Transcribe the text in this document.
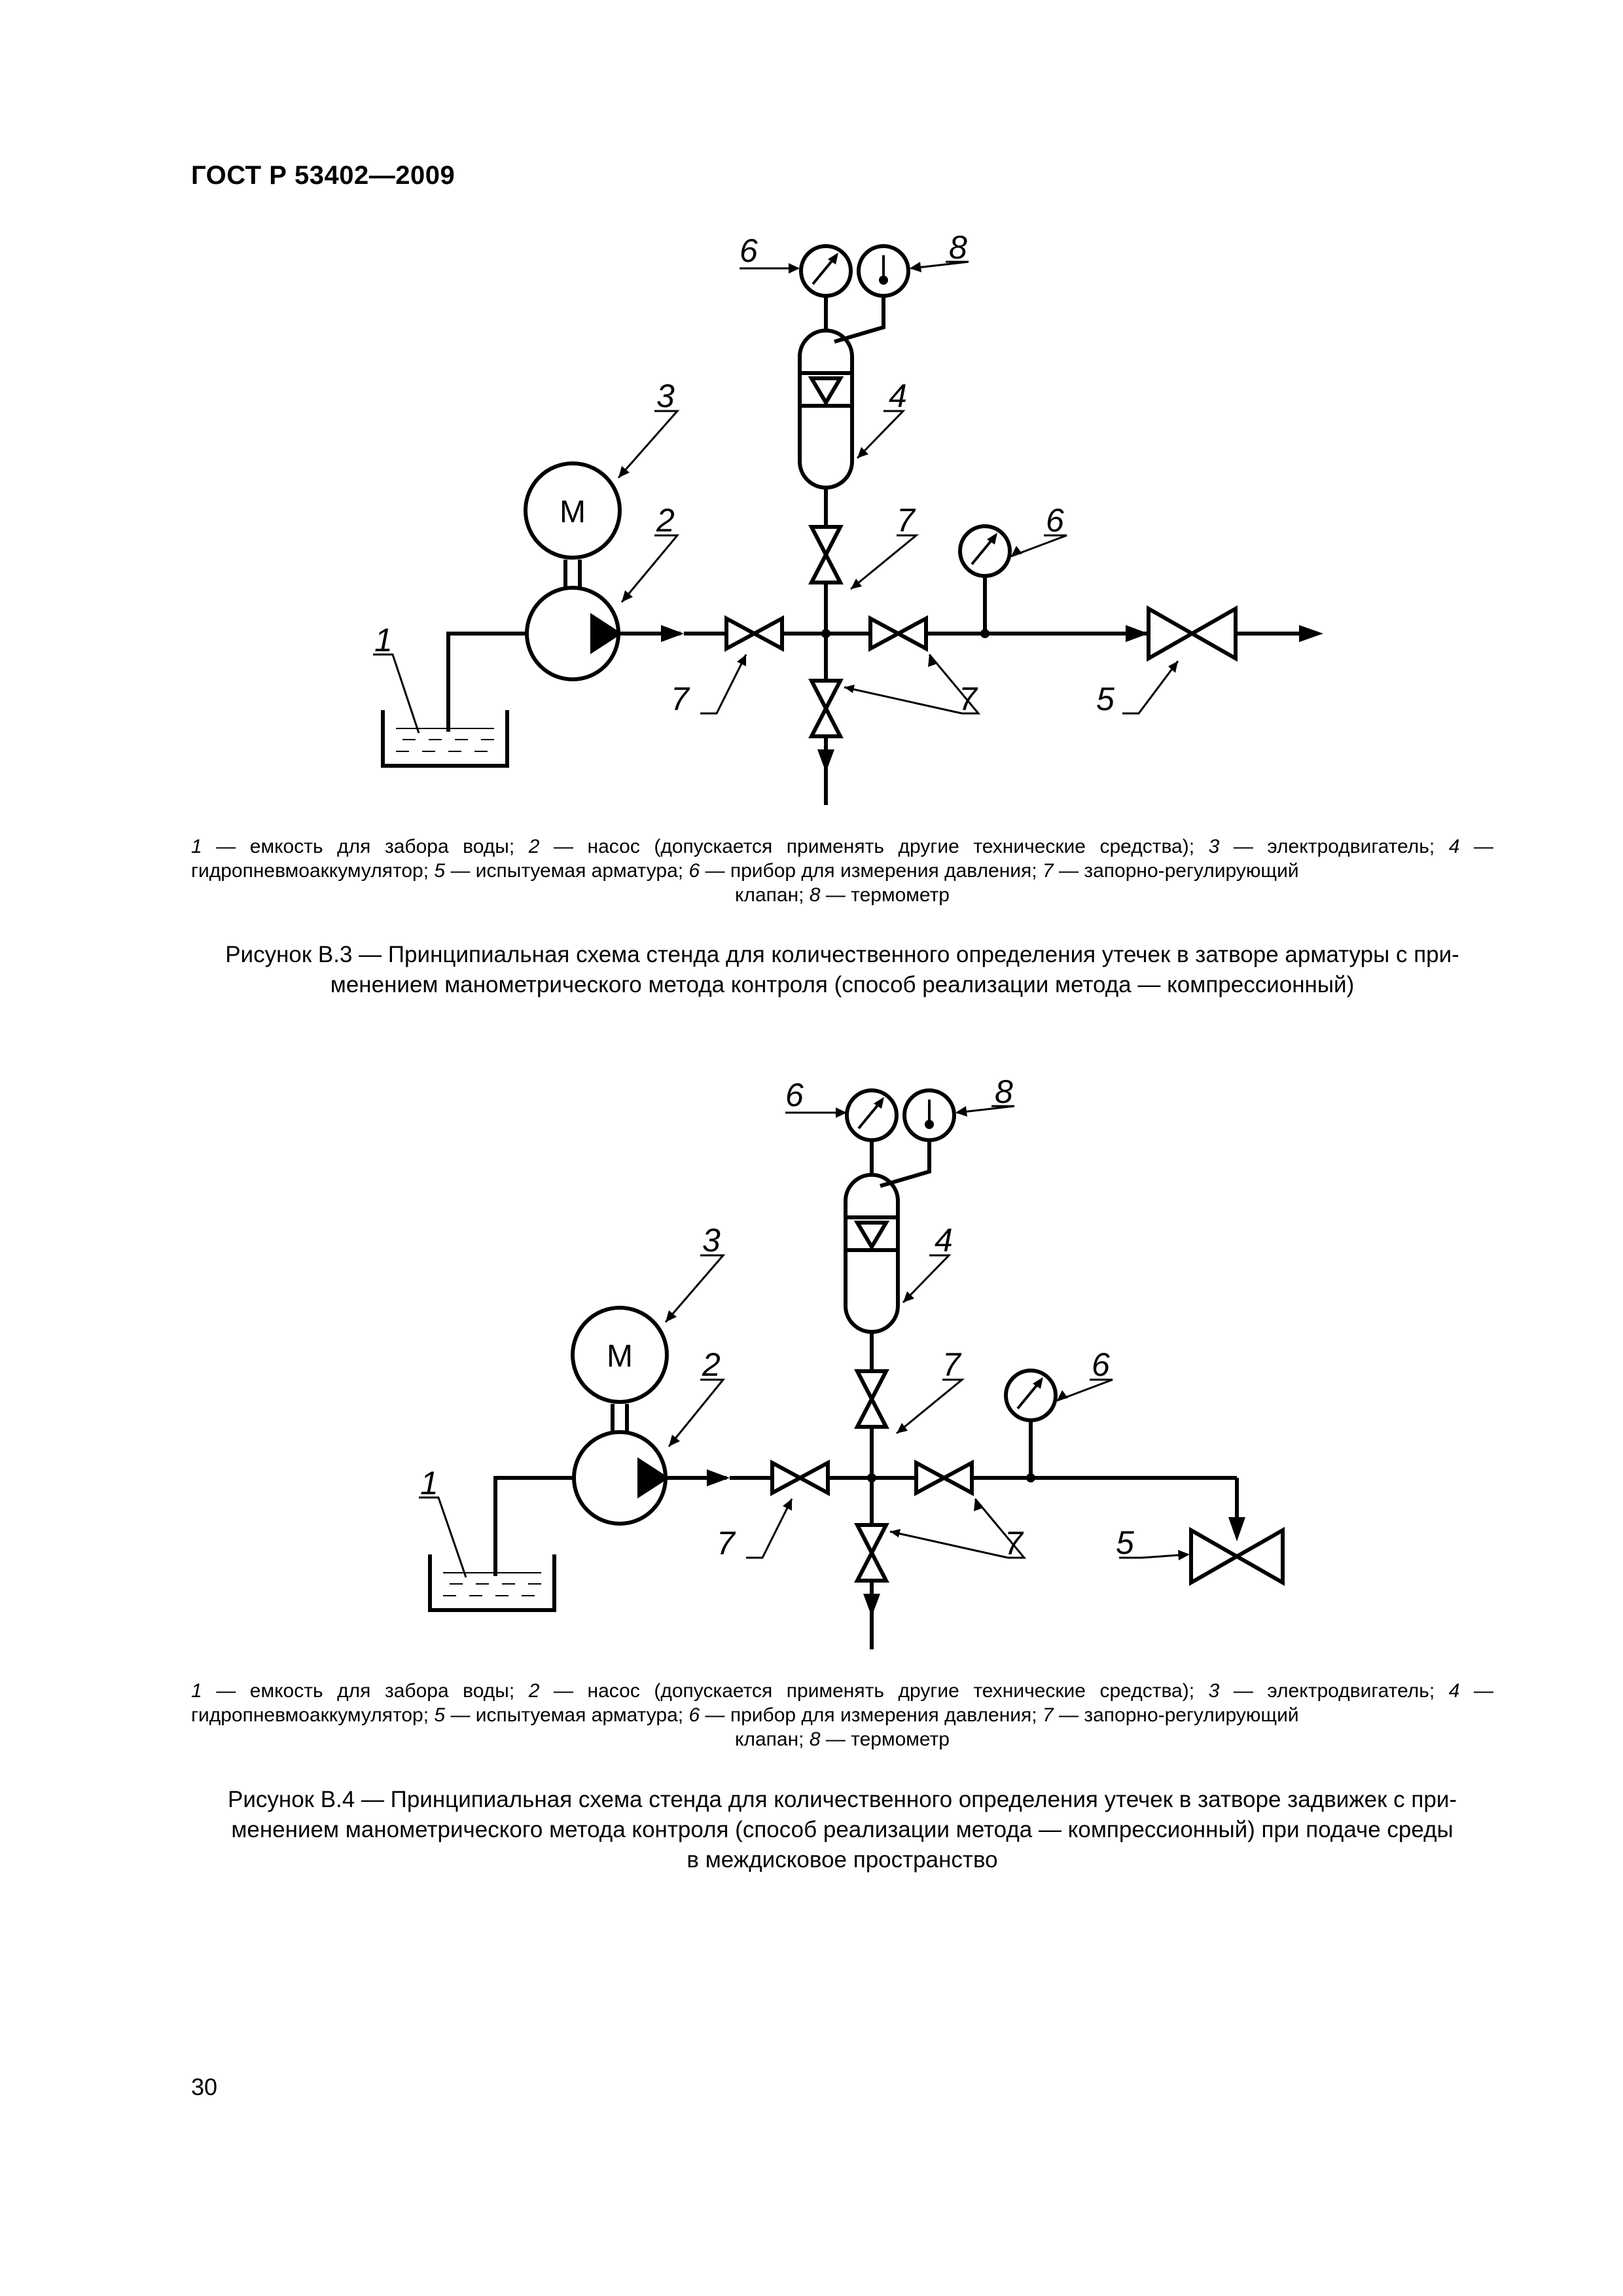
ГОСТ Р 53402—2009
1
2
3	4
5
6
6
7
7	7
8
М
1 — емкость для забора воды; 2 — насос (допускается применять другие технические средства); 3 — электродвигатель; 4 — гидропневмоаккумулятор; 5 — испытуемая арматура; 6 — прибор для измерения давления; 7 — запорно-регулирующий
клапан; 8 — термометр
Рисунок В.3 — Принципиальная схема стенда для количественного определения утечек в затворе арматуры с при-
менением манометрического метода контроля (способ реализации метода — компрессионный)
1
2
3	4
5
6
6
7
7	7
8
М
1 — емкость для забора воды; 2 — насос (допускается применять другие технические средства); 3 — электродвигатель; 4 — гидропневмоаккумулятор; 5 — испытуемая арматура; 6 — прибор для измерения давления; 7 — запорно-регулирующий
клапан; 8 — термометр
Рисунок В.4 — Принципиальная схема стенда для количественного определения утечек в затворе задвижек с при-
менением манометрического метода контроля (способ реализации метода — компрессионный) при подаче среды
в междисковое пространство
30
